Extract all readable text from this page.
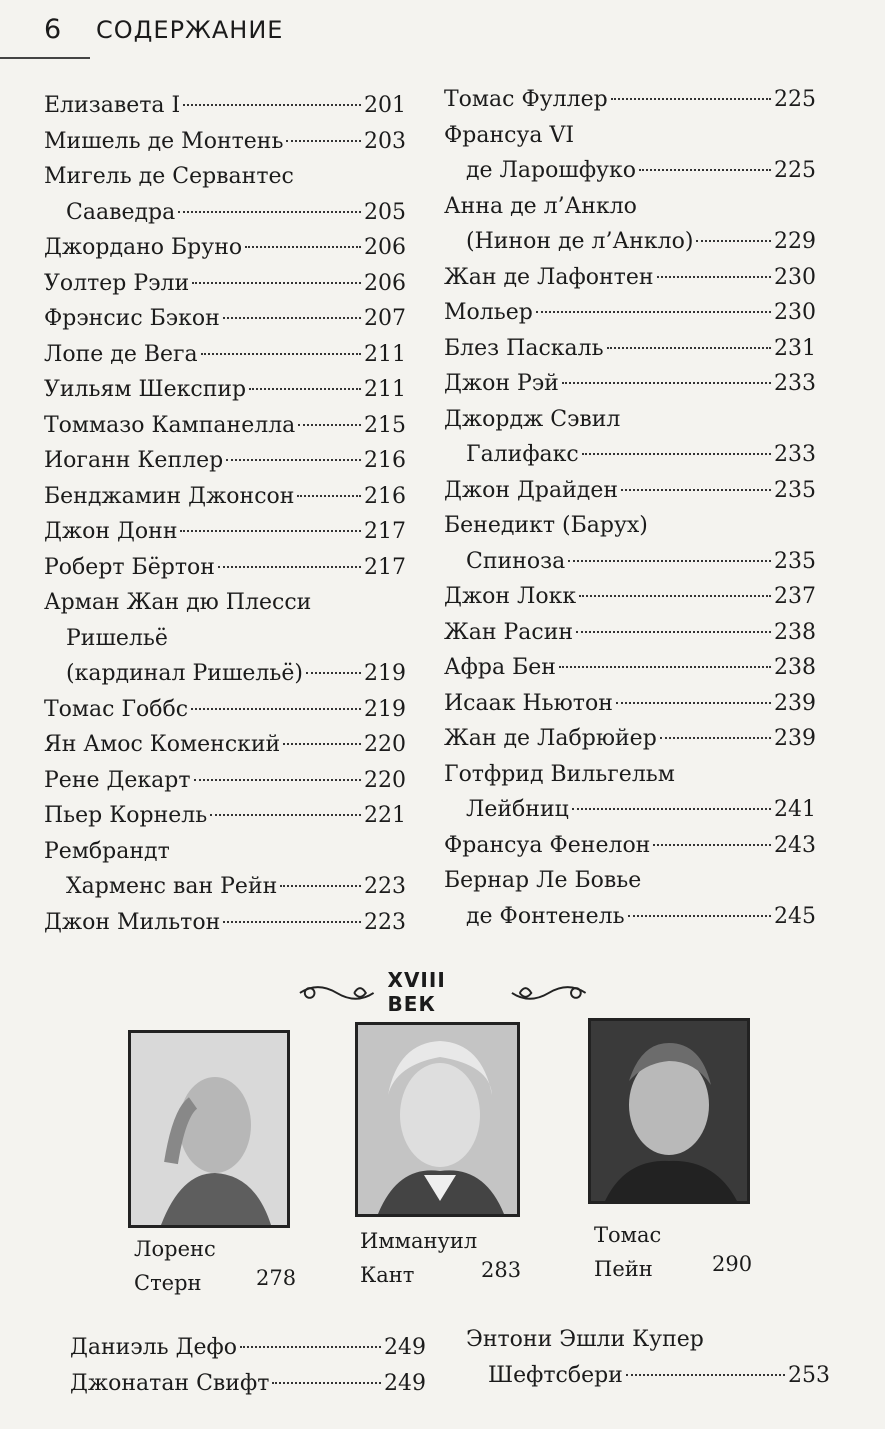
6 СОДЕРЖАНИЕ
Елизавета I	201
Мишель де Монтень	203
Мигель де Сервантес
Сааведра	205
Джордано Бруно	206
Уолтер Рэли	206
Фрэнсис Бэкон	207
Лопе де Вега	211
Уильям Шекспир	211
Томмазо Кампанелла	215
Иоганн Кеплер	216
Бенджамин Джонсон	216
Джон Донн	217
Роберт Бёртон	217
Арман Жан дю Плесси
Ришельё
(кардинал Ришельё)	219
Томас Гоббс	219
Ян Амос Коменский	220
Рене Декарт	220
Пьер Корнель	221
Рембрандт
Харменс ван Рейн	223
Джон Мильтон	223
Томас Фуллер	225
Франсуа VI
де Ларошфуко	225
Анна де л’Анкло
(Нинон де л’Анкло)	229
Жан де Лафонтен	230
Мольер	230
Блез Паскаль	231
Джон Рэй	233
Джордж Сэвил
Галифакс	233
Джон Драйден	235
Бенедикт (Барух)
Спиноза	235
Джон Локк	237
Жан Расин	238
Афра Бен	238
Исаак Ньютон	239
Жан де Лабрюйер	239
Готфрид Вильгельм
Лейбниц	241
Франсуа Фенелон	243
Бернар Ле Бовье
де Фонтенель	245
XVIII ВЕК
Лоренс
Стерн	278
Иммануил
Кант	283
Томас
Пейн	290
Даниэль Дефо	249
Джонатан Свифт	249
Энтони Эшли Купер
Шефтсбери	253
